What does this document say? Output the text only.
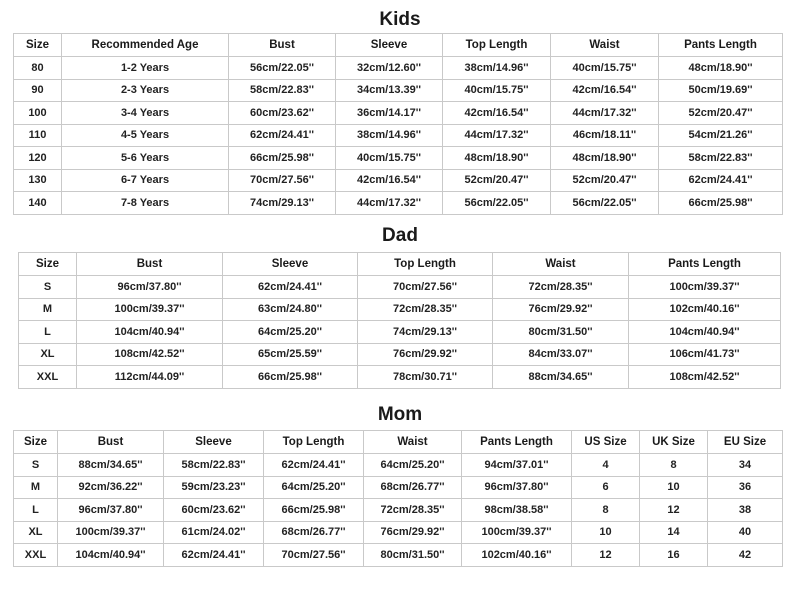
Kids
Size	Recommended Age	Bust	Sleeve	Top Length	Waist	Pants Length
80	1-2 Years	56cm/22.05''	32cm/12.60''	38cm/14.96''	40cm/15.75''	48cm/18.90''
90	2-3 Years	58cm/22.83''	34cm/13.39''	40cm/15.75''	42cm/16.54''	50cm/19.69''
100	3-4 Years	60cm/23.62''	36cm/14.17''	42cm/16.54''	44cm/17.32''	52cm/20.47''
110	4-5 Years	62cm/24.41''	38cm/14.96''	44cm/17.32''	46cm/18.11''	54cm/21.26''
120	5-6 Years	66cm/25.98''	40cm/15.75''	48cm/18.90''	48cm/18.90''	58cm/22.83''
130	6-7 Years	70cm/27.56''	42cm/16.54''	52cm/20.47''	52cm/20.47''	62cm/24.41''
140	7-8 Years	74cm/29.13''	44cm/17.32''	56cm/22.05''	56cm/22.05''	66cm/25.98''
Dad
Size	Bust	Sleeve	Top Length	Waist	Pants Length
S	96cm/37.80''	62cm/24.41''	70cm/27.56''	72cm/28.35''	100cm/39.37''
M	100cm/39.37''	63cm/24.80''	72cm/28.35''	76cm/29.92''	102cm/40.16''
L	104cm/40.94''	64cm/25.20''	74cm/29.13''	80cm/31.50''	104cm/40.94''
XL	108cm/42.52''	65cm/25.59''	76cm/29.92''	84cm/33.07''	106cm/41.73''
XXL	112cm/44.09''	66cm/25.98''	78cm/30.71''	88cm/34.65''	108cm/42.52''
Mom
Size	Bust	Sleeve	Top Length	Waist	Pants Length	US Size	UK Size	EU Size
S	88cm/34.65''	58cm/22.83''	62cm/24.41''	64cm/25.20''	94cm/37.01''	4	8	34
M	92cm/36.22''	59cm/23.23''	64cm/25.20''	68cm/26.77''	96cm/37.80''	6	10	36
L	96cm/37.80''	60cm/23.62''	66cm/25.98''	72cm/28.35''	98cm/38.58''	8	12	38
XL	100cm/39.37''	61cm/24.02''	68cm/26.77''	76cm/29.92''	100cm/39.37''	10	14	40
XXL	104cm/40.94''	62cm/24.41''	70cm/27.56''	80cm/31.50''	102cm/40.16''	12	16	42
